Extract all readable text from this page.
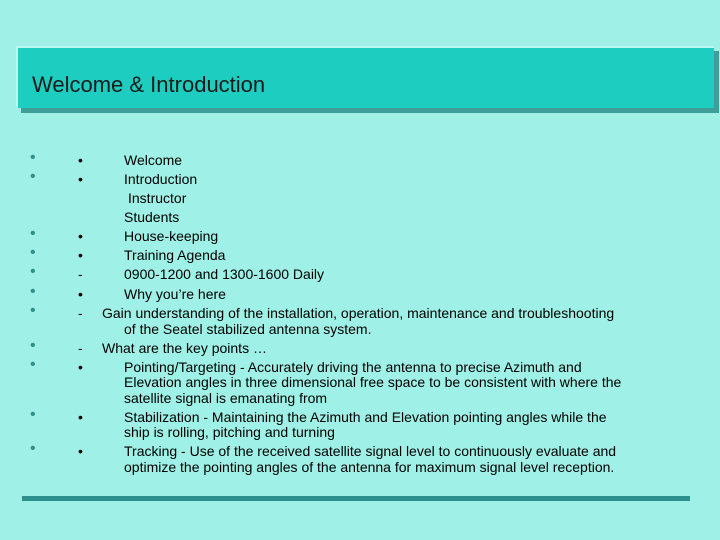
Welcome & Introduction
•	•	Welcome
•	•	Introduction
Instructor
Students
•	•	House-keeping
•	•	Training Agenda
•	-	0900-1200 and 1300-1600 Daily
•	•	Why you’re here
•	- Gain understanding of the installation, operation, maintenance and troubleshooting
of the Seatel stabilized antenna system.
•	- What are the key points …
•	•	Pointing/Targeting - Accurately driving the antenna to precise Azimuth and
Elevation angles in three dimensional free space to be consistent with where the
satellite signal is emanating from
•	•	Stabilization - Maintaining the Azimuth and Elevation pointing angles while the
ship is rolling, pitching and turning
•	•	Tracking - Use of the received satellite signal level to continuously evaluate and
optimize the pointing angles of the antenna for maximum signal level reception.
